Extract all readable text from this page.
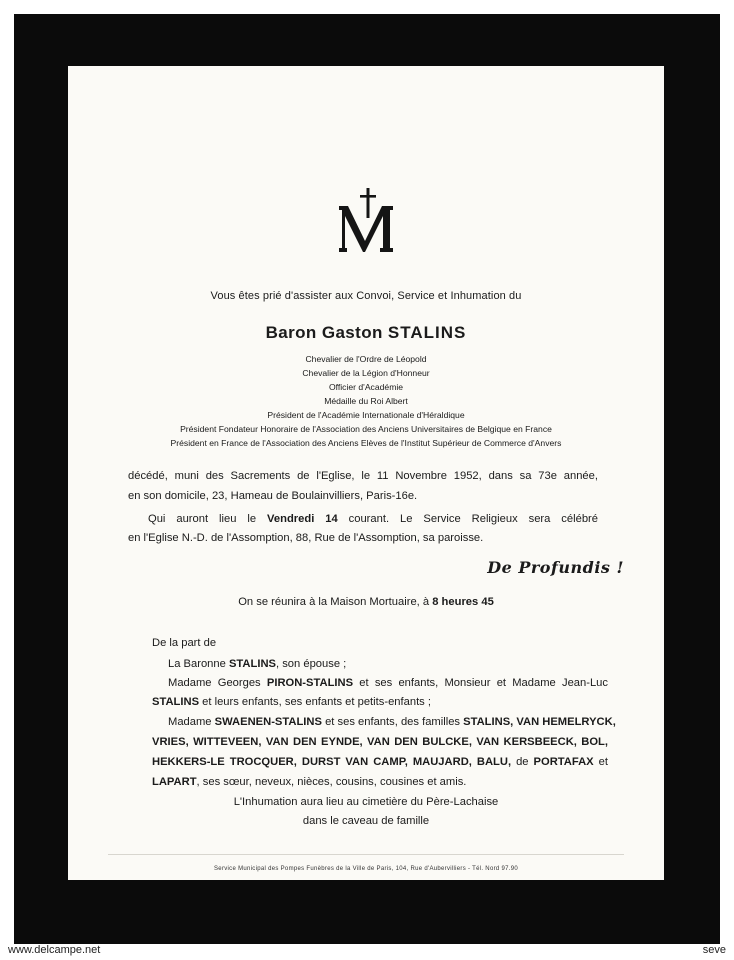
Vous êtes prié d'assister aux Convoi, Service et Inhumation du
Baron Gaston STALINS
Chevalier de l'Ordre de Léopold
Chevalier de la Légion d'Honneur
Officier d'Académie
Médaille du Roi Albert
Président de l'Académie Internationale d'Héraldique
Président Fondateur Honoraire de l'Association des Anciens Universitaires de Belgique en France
Président en France de l'Association des Anciens Elèves de l'Institut Supérieur de Commerce d'Anvers
décédé, muni des Sacrements de l'Eglise, le 11 Novembre 1952, dans sa 73e année,
en son domicile, 23, Hameau de Boulainvilliers, Paris-16e.
Qui auront lieu le Vendredi 14 courant. Le Service Religieux sera célébré
en l'Eglise N.-D. de l'Assomption, 88, Rue de l'Assomption, sa paroisse.
De Profundis !
On se réunira à la Maison Mortuaire, à 8 heures 45
De la part de
La Baronne STALINS, son épouse ;
Madame Georges PIRON-STALINS et ses enfants, Monsieur et Madame Jean-Luc
STALINS et leurs enfants, ses enfants et petits-enfants ;
Madame SWAENEN-STALINS et ses enfants, des familles STALINS, VAN HEMELRYCK,
VRIES, WITTEVEEN, VAN DEN EYNDE, VAN DEN BULCKE, VAN KERSBEECK, BOL,
HEKKERS-LE TROCQUER, DURST VAN CAMP, MAUJARD, BALU, de PORTAFAX et
LAPART, ses sœur, neveux, nièces, cousins, cousines et amis.
L'Inhumation aura lieu au cimetière du Père-Lachaise
dans le caveau de famille
Service Municipal des Pompes Funèbres de la Ville de Paris, 104, Rue d'Aubervilliers - Tél. Nord 97.90
www.delcampe.net	seve
